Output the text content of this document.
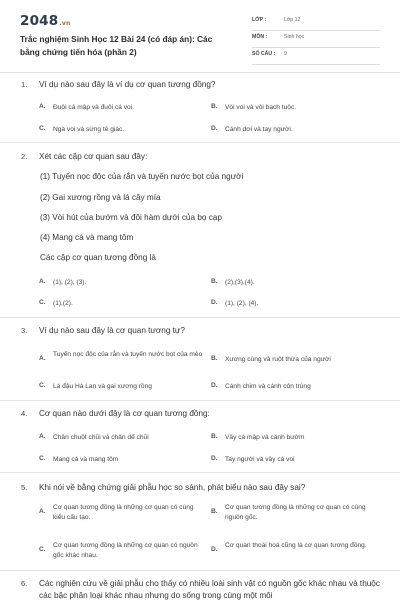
2048.vn
Trắc nghiệm Sinh Học 12 Bài 24 (có đáp án): Các bằng chứng tiến hóa (phần 2)
LỚP :	Lớp 12
MÔN :	Sinh học
SỐ CÂU : 9
1. Ví dụ nào sau đây là ví dụ cơ quan tương đồng?
A. Đuôi cá mập và đuôi cá voi.	B. Vòi voi và vòi bạch tuộc.
C. Ngà voi và sừng tê giác.	D. Cánh dơi và tay người.
2. Xét các cặp cơ quan sau đây:
(1) Tuyến nọc độc của rắn và tuyến nước bọt của người
(2) Gai xương rồng và lá cây mía
(3) Vòi hút của bướm và đôi hàm dưới của bọ cạp
(4) Mang cá và mang tôm
Các cặp cơ quan tương đồng là
A. (1), (2), (3).	B. (2),(3),(4).
C. (1),(2).	D. (1), (2), (4).
3. Ví dụ nào sau đây là cơ quan tương tự?
A.
Tuyến nọc độc của rắn và tuyến nước bọt của mèo
B. Xương cùng và ruột thừa của người
C. Lá đậu Hà Lan và gai xương rồng	D. Cánh chim và cánh côn trùng
4. Cơ quan nào dưới đây là cơ quan tương đồng:
A. Chân chuột chũi và chân dế chũi	B. Vây cá mập và cánh bướm
C. Mang cá và mang tôm	D. Tay người và vây cá voi
5. Khi nói về bằng chứng giải phẫu học so sánh, phát biểu nào sau đây sai?
A.
Cơ quan tương đồng là những cơ quan có cùng kiểu cấu tạo.
B.
Cơ quan tương đồng là những cơ quan có cùng nguồn gốc.
C.
Cơ quan tương đồng là những cơ quan có nguồn gốc khác nhau.
D.
Cơ quan thoái hoá cũng là cơ quan tương đồng.
6. Các nghiên cứu về giải phẫu cho thấy có nhiều loài sinh vật có nguồn gốc khác nhau và thuộc các bậc phân loại khác nhau nhưng do sống trong cùng một môi
